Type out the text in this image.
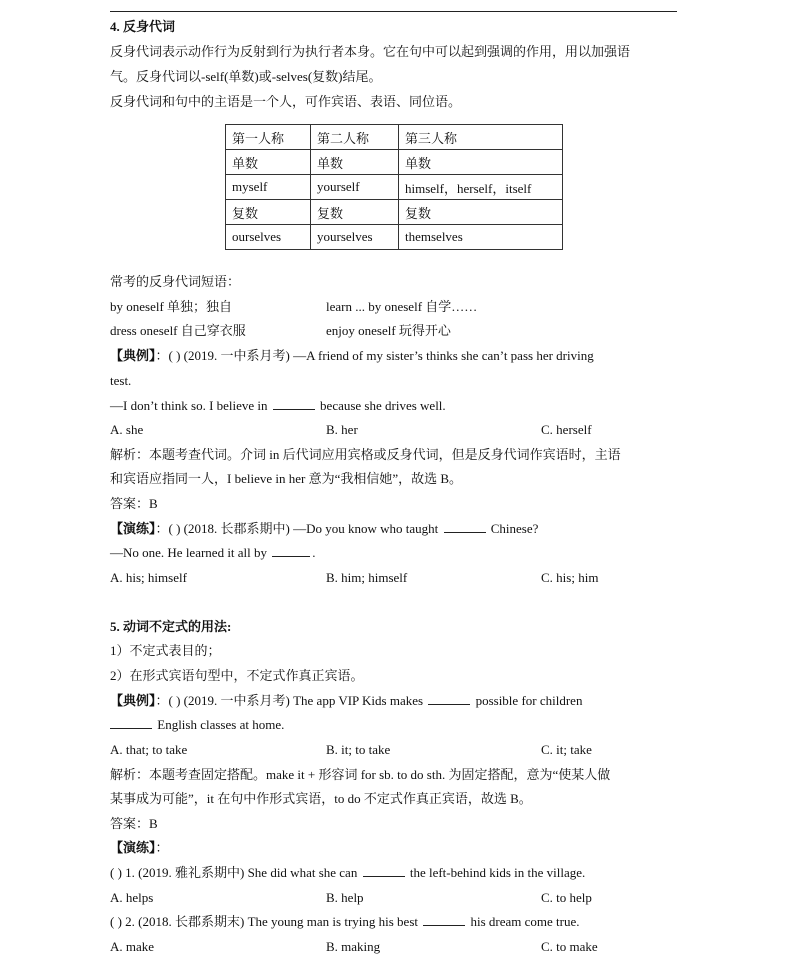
4. 反身代词
反身代词表示动作行为反射到行为执行者本身。它在句中可以起到强调的作用，用以加强语
气。反身代词以-self(单数)或-selves(复数)结尾。
反身代词和句中的主语是一个人，可作宾语、表语、同位语。
第一人称	第二人称	第三人称
单数	单数	单数
myself	yourself	himself，herself，itself
复数	复数	复数
ourselves	yourselves	themselves
常考的反身代词短语：
by oneself 单独；独自	learn ... by oneself 自学……
dress oneself 自己穿衣服	enjoy oneself 玩得开心
【典例】：( ) (2019. 一中系月考) —A friend of my sister’s thinks she can’t pass her driving
test.
—I don’t think so. I believe in	because she drives well.
A. she	B. her	C. herself
解析：本题考查代词。介词 in 后代词应用宾格或反身代词，但是反身代词作宾语时，主语
和宾语应指同一人，I believe in her 意为“我相信她”，故选 B。
答案：B
【演练】：( ) (2018. 长郡系期中) —Do you know who taught	Chinese?
—No one. He learned it all by	.
A. his; himself	B. him; himself	C. his; him
5. 动词不定式的用法:
1）不定式表目的；
2）在形式宾语句型中，不定式作真正宾语。
【典例】：( ) (2019. 一中系月考) The app VIP Kids makes	possible for children
English classes at home.
A. that; to take	B. it; to take	C. it; take
解析：本题考查固定搭配。make it + 形容词 for sb. to do sth. 为固定搭配，意为“使某人做
某事成为可能”，it 在句中作形式宾语，to do 不定式作真正宾语，故选 B。
答案：B
【演练】：
( ) 1. (2019. 雅礼系期中) She did what she can	the left-behind kids in the village.
A. helps	B. help	C. to help
( ) 2. (2018. 长郡系期末) The young man is trying his best	his dream come true.
A. make	B. making	C. to make
